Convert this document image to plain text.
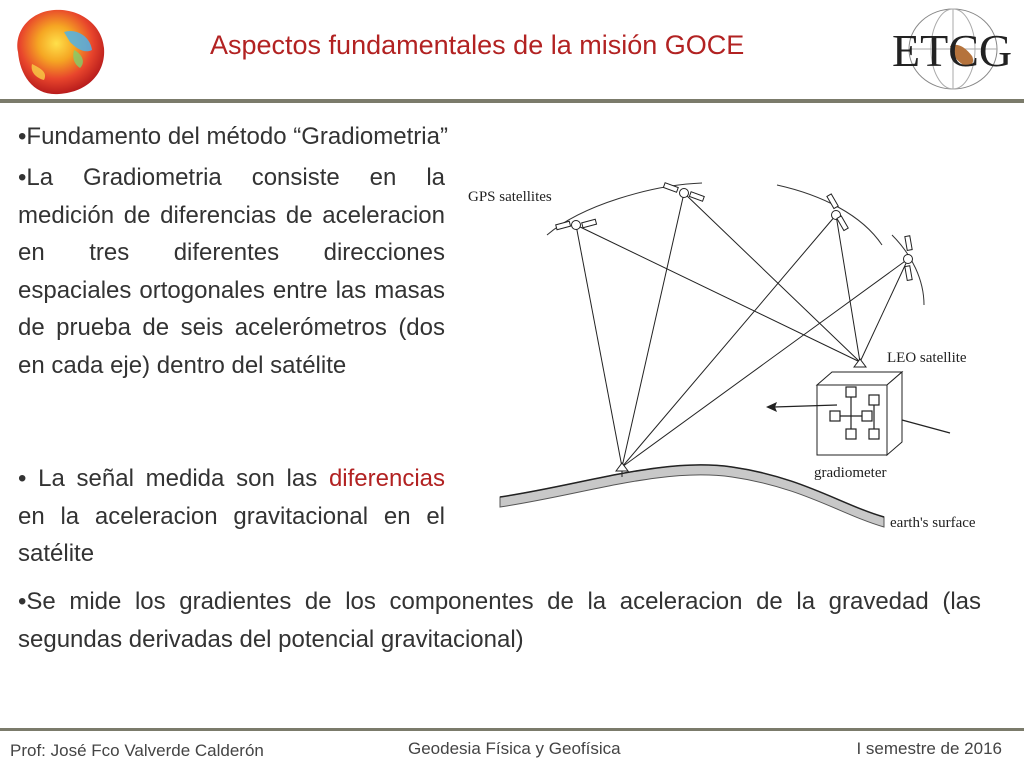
Aspectos fundamentales de la misión GOCE	ETCG
•Fundamento del método “Gradiometria”
•La Gradiometria consiste en la medición de diferencias de aceleracion en tres diferentes direcciones espaciales ortogonales entre las masas de prueba de seis acelerómetros (dos en cada eje) dentro del satélite
• La señal medida son las diferencias en la aceleracion gravitacional en el satélite
•Se mide los gradientes de los componentes de la aceleracion de la gravedad (las segundas derivadas del potencial gravitacional)
GPS satellites
LEO satellite
gradiometer
earth's surface
Prof: José Fco Valverde Calderón	Geodesia Física y Geofísica	I semestre de 2016
